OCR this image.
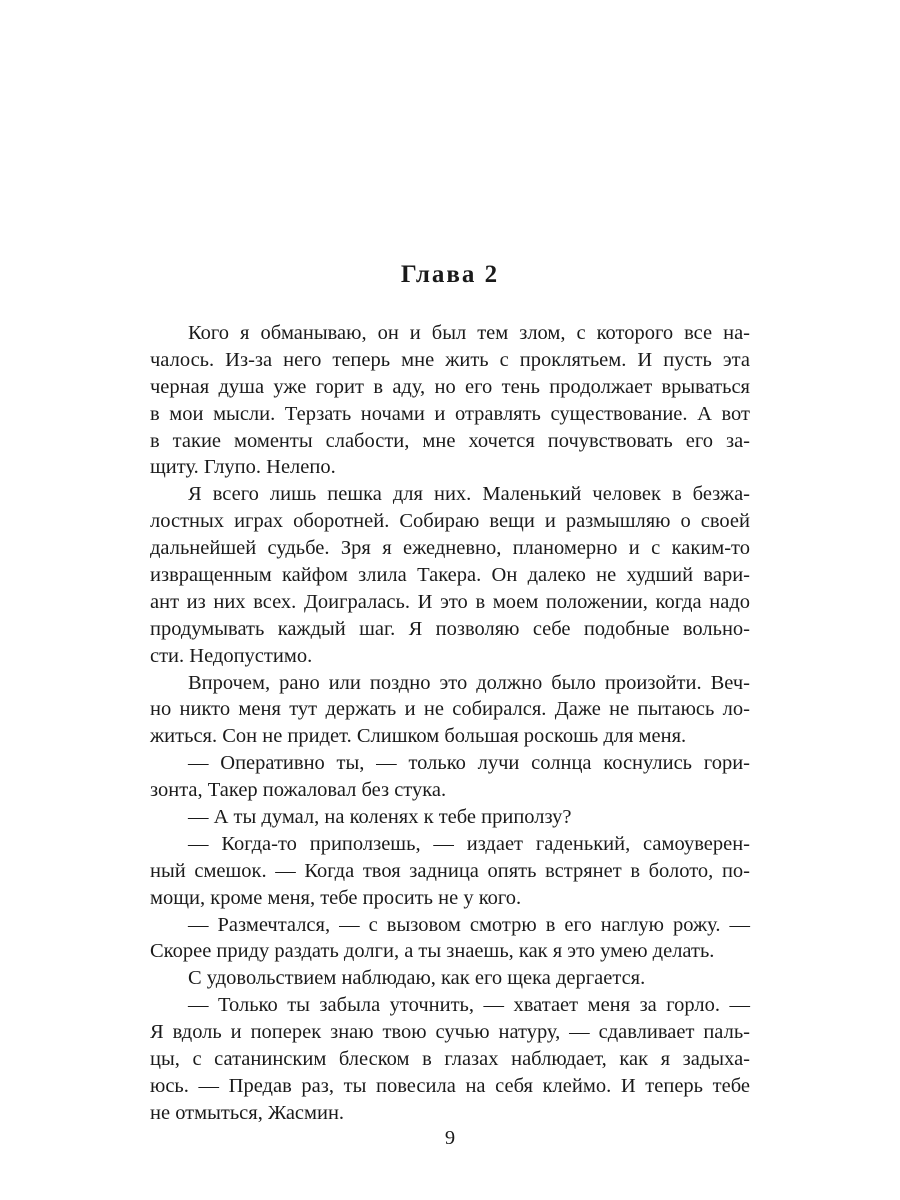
Глава 2
Кого я обманываю, он и был тем злом, с которого все на-
чалось. Из-за него теперь мне жить с проклятьем. И пусть эта
черная душа уже горит в аду, но его тень продолжает врываться
в мои мысли. Терзать ночами и отравлять существование. А вот
в такие моменты слабости, мне хочется почувствовать его за-
щиту. Глупо. Нелепо.
Я всего лишь пешка для них. Маленький человек в безжа-
лостных играх оборотней. Собираю вещи и размышляю о своей
дальнейшей судьбе. Зря я ежедневно, планомерно и с каким-то
извращенным кайфом злила Такера. Он далеко не худший вари-
ант из них всех. Доигралась. И это в моем положении, когда надо
продумывать каждый шаг. Я позволяю себе подобные вольно-
сти. Недопустимо.
Впрочем, рано или поздно это должно было произойти. Веч-
но никто меня тут держать и не собирался. Даже не пытаюсь ло-
житься. Сон не придет. Слишком большая роскошь для меня.
— Оперативно ты, — только лучи солнца коснулись гори-
зонта, Такер пожаловал без стука.
— А ты думал, на коленях к тебе приползу?
— Когда-то приползешь, — издает гаденький, самоуверен-
ный смешок. — Когда твоя задница опять встрянет в болото, по-
мощи, кроме меня, тебе просить не у кого.
— Размечтался, — с вызовом смотрю в его наглую рожу. —
Скорее приду раздать долги, а ты знаешь, как я это умею делать.
С удовольствием наблюдаю, как его щека дергается.
— Только ты забыла уточнить, — хватает меня за горло. —
Я вдоль и поперек знаю твою сучью натуру, — сдавливает паль-
цы, с сатанинским блеском в глазах наблюдает, как я задыха-
юсь. — Предав раз, ты повесила на себя клеймо. И теперь тебе
не отмыться, Жасмин.
9
